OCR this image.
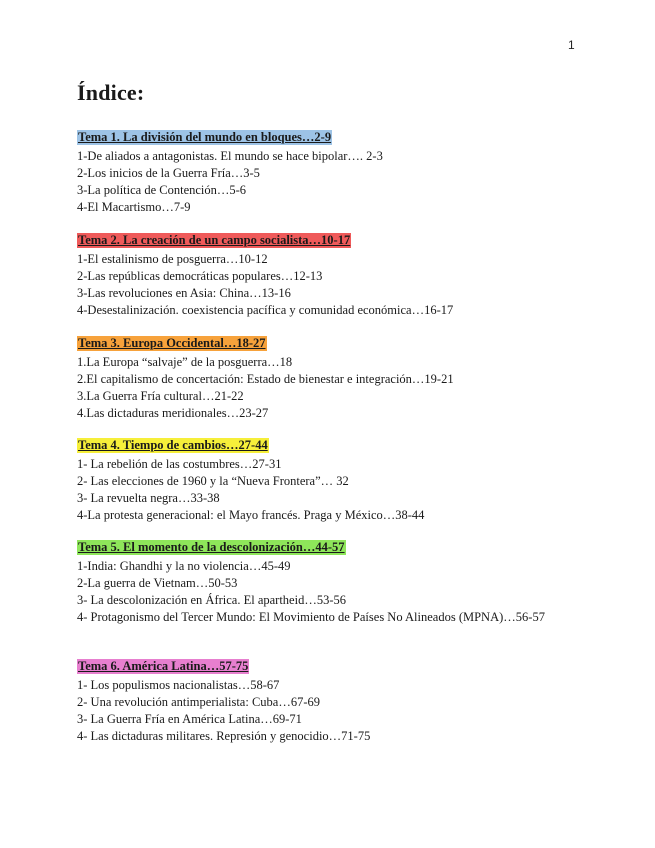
1
Índice:
Tema 1. La división del mundo en bloques…2-9
1-De aliados a antagonistas. El mundo se hace bipolar…. 2-3
2-Los inicios de la Guerra Fría…3-5
3-La política de Contención…5-6
4-El Macartismo…7-9
Tema 2. La creación de un campo socialista…10-17
1-El estalinismo de posguerra…10-12
2-Las repúblicas democráticas populares…12-13
3-Las revoluciones en Asia: China…13-16
4-Desestalinización. coexistencia pacífica y comunidad económica…16-17
Tema 3. Europa Occidental…18-27
1.La Europa “salvaje” de la posguerra…18
2.El capitalismo de concertación: Estado de bienestar e integración…19-21
3.La Guerra Fría cultural…21-22
4.Las dictaduras meridionales…23-27
Tema 4. Tiempo de cambios…27-44
1- La rebelión de las costumbres…27-31
2- Las elecciones de 1960 y la “Nueva Frontera”… 32
3- La revuelta negra…33-38
4-La protesta generacional: el Mayo francés. Praga y México…38-44
Tema 5. El momento de la descolonización…44-57
1-India: Ghandhi y la no violencia…45-49
2-La guerra de Vietnam…50-53
3- La descolonización en África. El apartheid…53-56
4- Protagonismo del Tercer Mundo: El Movimiento de Países No Alineados (MPNA)…56-57
Tema 6. América Latina…57-75
1- Los populismos nacionalistas…58-67
2- Una revolución antimperialista: Cuba…67-69
3- La Guerra Fría en América Latina…69-71
4- Las dictaduras militares. Represión y genocidio…71-75
